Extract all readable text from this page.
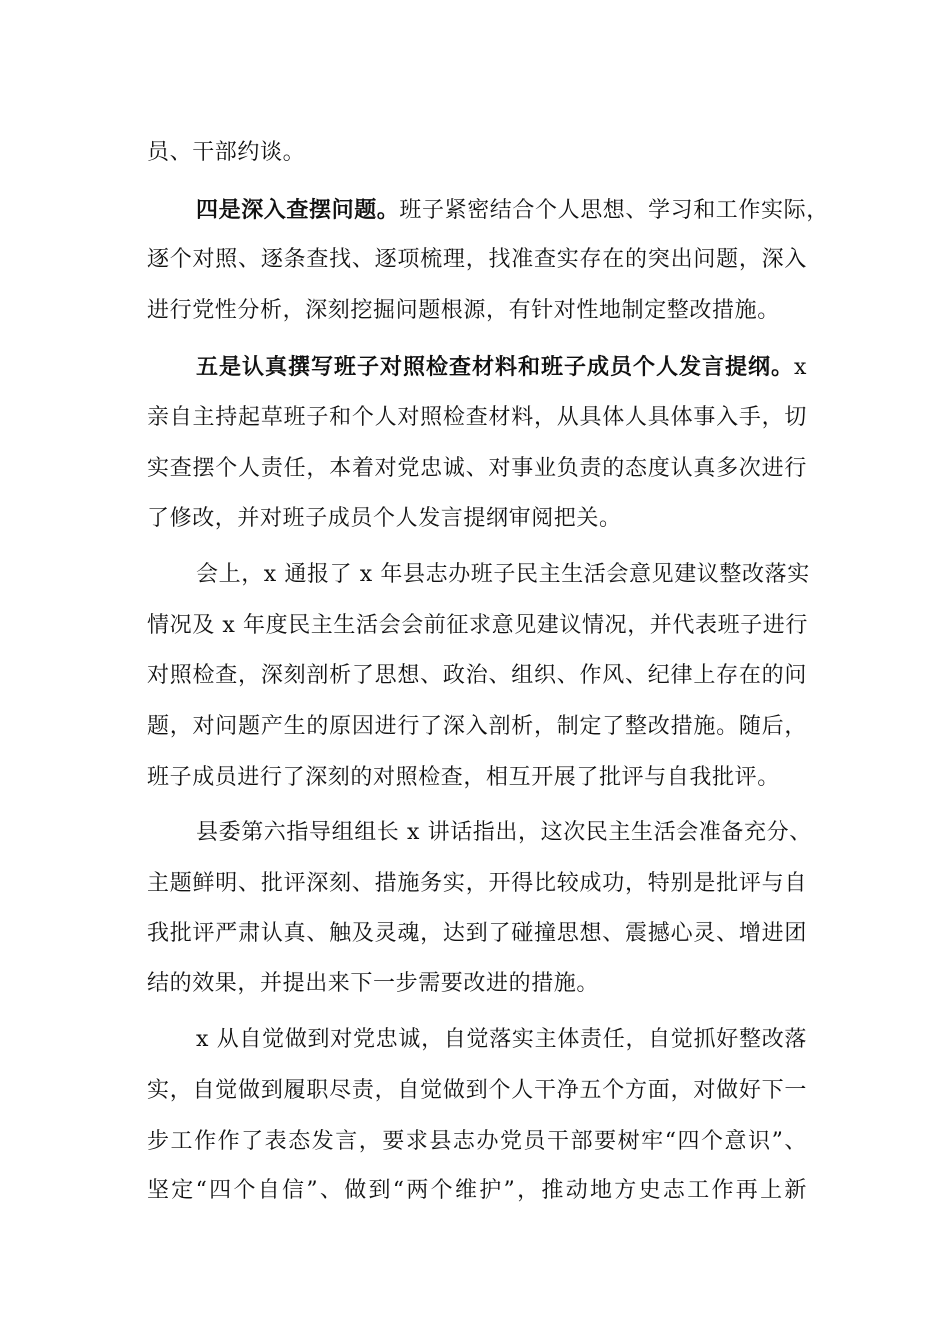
员、干部约谈。
四是深入查摆问题。班子紧密结合个人思想、学习和工作实际，
逐个对照、逐条查找、逐项梳理，找准查实存在的突出问题，深入
进行党性分析，深刻挖掘问题根源，有针对性地制定整改措施。
五是认真撰写班子对照检查材料和班子成员个人发言提纲。x
亲自主持起草班子和个人对照检查材料，从具体人具体事入手，切
实查摆个人责任，本着对党忠诚、对事业负责的态度认真多次进行
了修改，并对班子成员个人发言提纲审阅把关。
会上，x 通报了 x 年县志办班子民主生活会意见建议整改落实
情况及 x 年度民主生活会会前征求意见建议情况，并代表班子进行
对照检查，深刻剖析了思想、政治、组织、作风、纪律上存在的问
题，对问题产生的原因进行了深入剖析，制定了整改措施。随后，
班子成员进行了深刻的对照检查，相互开展了批评与自我批评。
县委第六指导组组长 x 讲话指出，这次民主生活会准备充分、
主题鲜明、批评深刻、措施务实，开得比较成功，特别是批评与自
我批评严肃认真、触及灵魂，达到了碰撞思想、震撼心灵、增进团
结的效果，并提出来下一步需要改进的措施。
x 从自觉做到对党忠诚，自觉落实主体责任，自觉抓好整改落
实，自觉做到履职尽责，自觉做到个人干净五个方面，对做好下一
步工作作了表态发言，要求县志办党员干部要树牢“四个意识”、
坚定“四个自信”、做到“两个维护”，推动地方史志工作再上新
